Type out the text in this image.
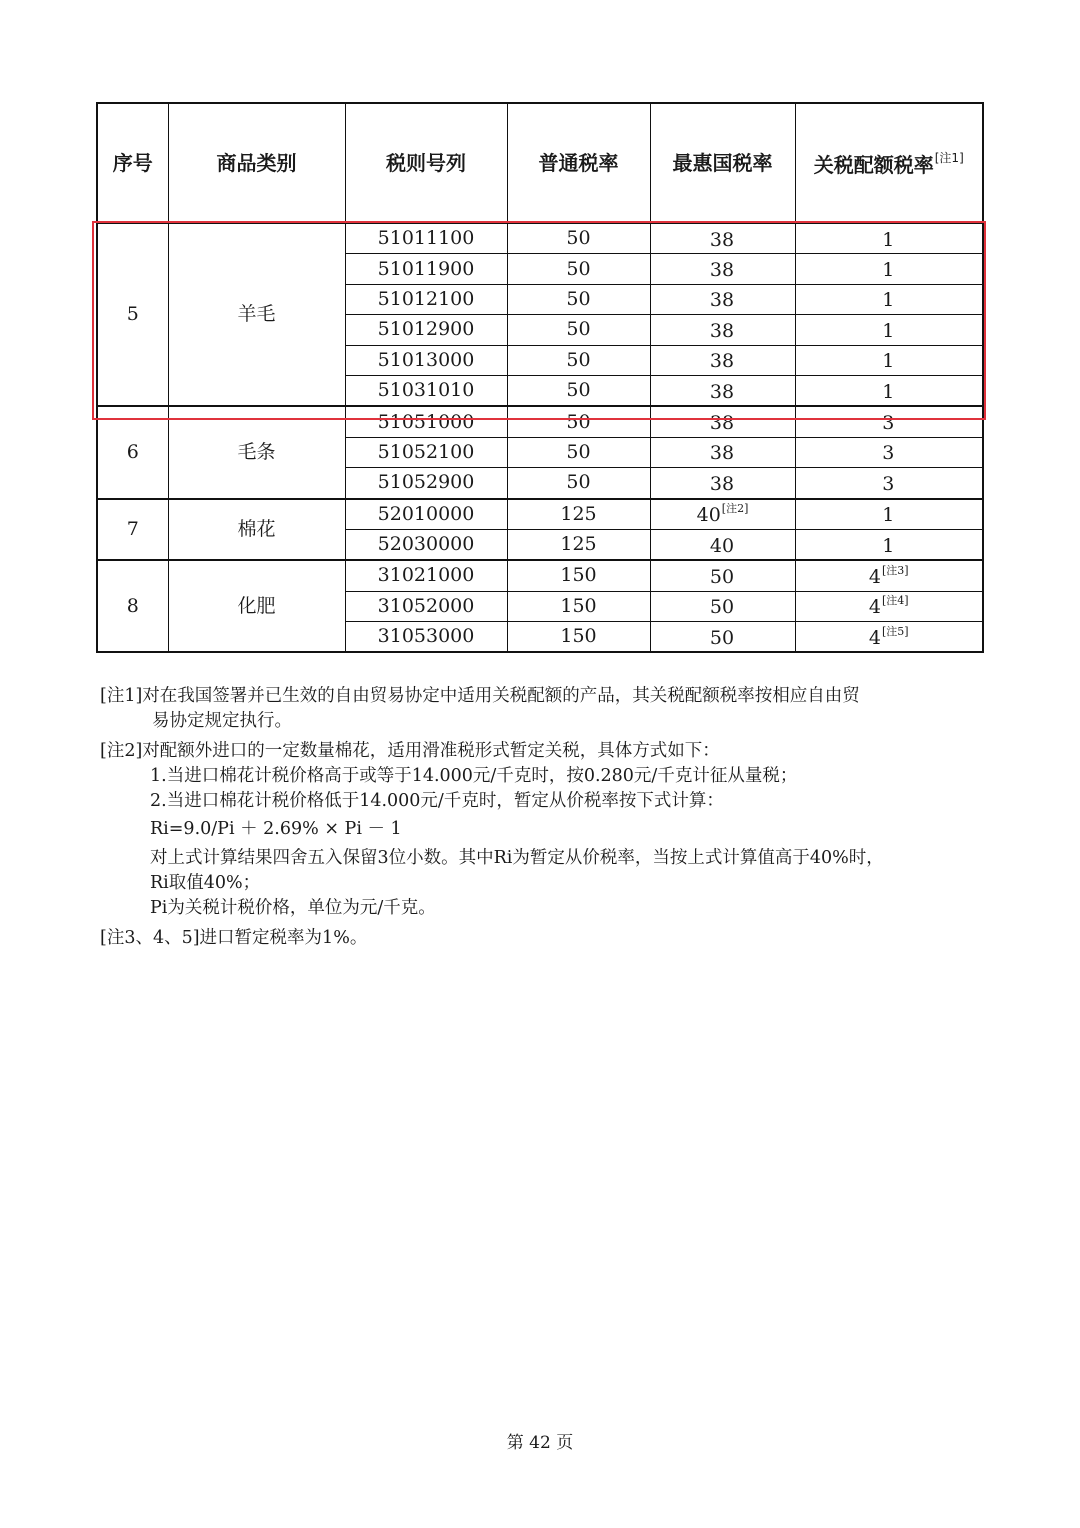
序号	商品类别	税则号列	普通税率	最惠国税率	关税配额税率[注1]
5	羊毛	51011100	50	38	1
		51011900	50	38	1
		51012100	50	38	1
		51012900	50	38	1
		51013000	50	38	1
		51031010	50	38	1
6	毛条	51051000	50	38	3
		51052100	50	38	3
		51052900	50	38	3
7	棉花	52010000	125	40[注2]	1
		52030000	125	40	1
8	化肥	31021000	150	50	4[注3]
		31052000	150	50	4[注4]
		31053000	150	50	4[注5]

[注1]对在我国签署并已生效的自由贸易协定中适用关税配额的产品，其关税配额税率按相应自由贸

易协定规定执行。

[注2]对配额外进口的一定数量棉花，适用滑准税形式暂定关税，具体方式如下：

1.当进口棉花计税价格高于或等于14.000元/千克时，按0.280元/千克计征从量税；

2.当进口棉花计税价格低于14.000元/千克时，暂定从价税率按下式计算：

Ri=9.0/Pi ＋ 2.69% × Pi － 1

对上式计算结果四舍五入保留3位小数。其中Ri为暂定从价税率，当按上式计算值高于40%时，

Ri取值40%；

Pi为关税计税价格，单位为元/千克。

[注3、4、5]进口暂定税率为1%。

第 42 页
